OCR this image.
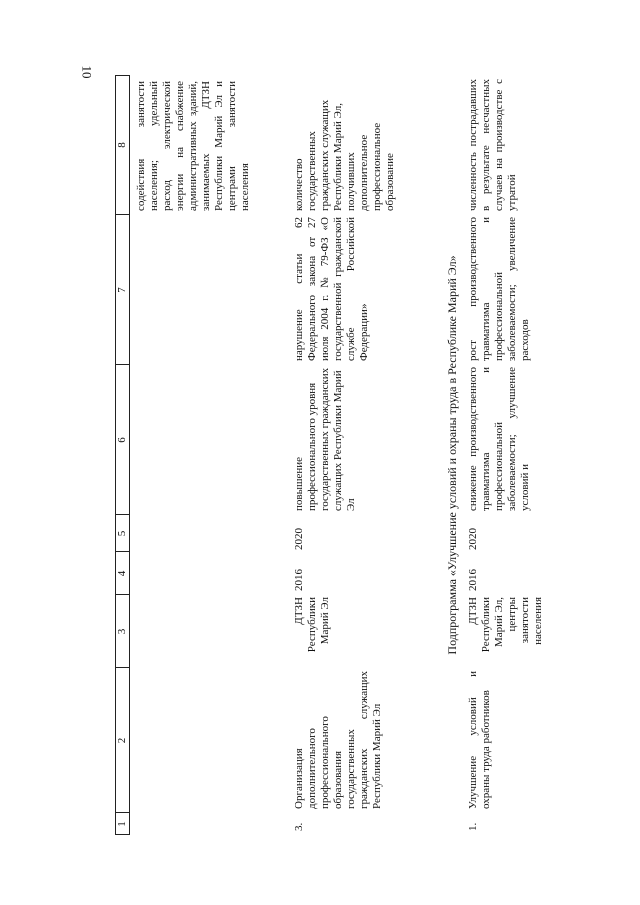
10
1
2
3
4
5
6
7
8 содействия занятости населения; удельный расход электрической энергии на снабжение административных зданий, занимаемых ДТЗН Республики Марий Эл и центрами занятости населения
3.
Организация дополнительного профессионального образования государственных гражданских служащих Республики Марий Эл
ДТЗН Республики Марий Эл
2016
2020
повышение профессионального уровня государственных гражданских служащих Республики Марий Эл
нарушение статьи 62 Федерального закона от 27 июля 2004 г. № 79-ФЗ «О государственной гражданской службе Российской Федерации»
количество государственных гражданских служащих Республики Марий Эл, получивших дополнительное профессиональное образование
Подпрограмма «Улучшение условий и охраны труда в Республике Марий Эл»
1.
Улучшение условий и охраны труда работников
ДТЗН Республики Марий Эл, центры занятости населения
2016
2020
снижение производственного травматизма и профессиональной заболеваемости; улучшение условий и
рост производственного травматизма и профессиональной заболеваемости; увеличение расходов
численность пострадавших в результате несчастных случаев на производстве с утратой
